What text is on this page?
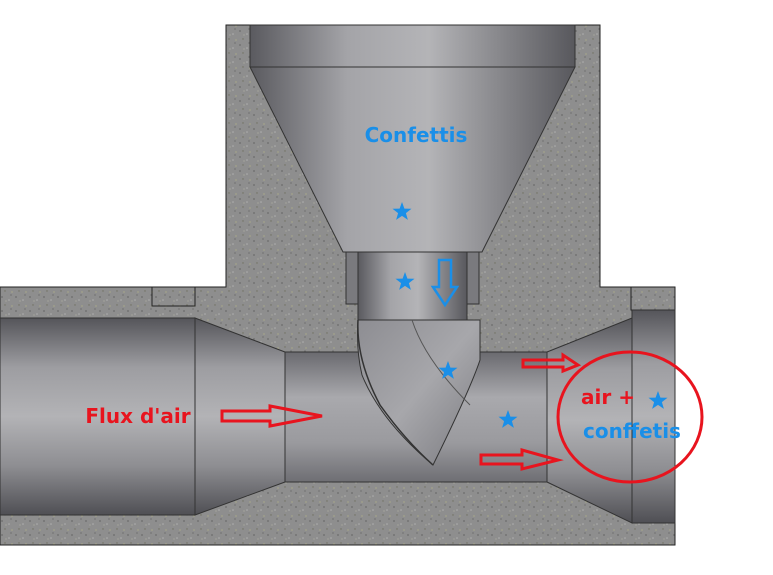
Confettis
Flux d'air
air +
conffetis
